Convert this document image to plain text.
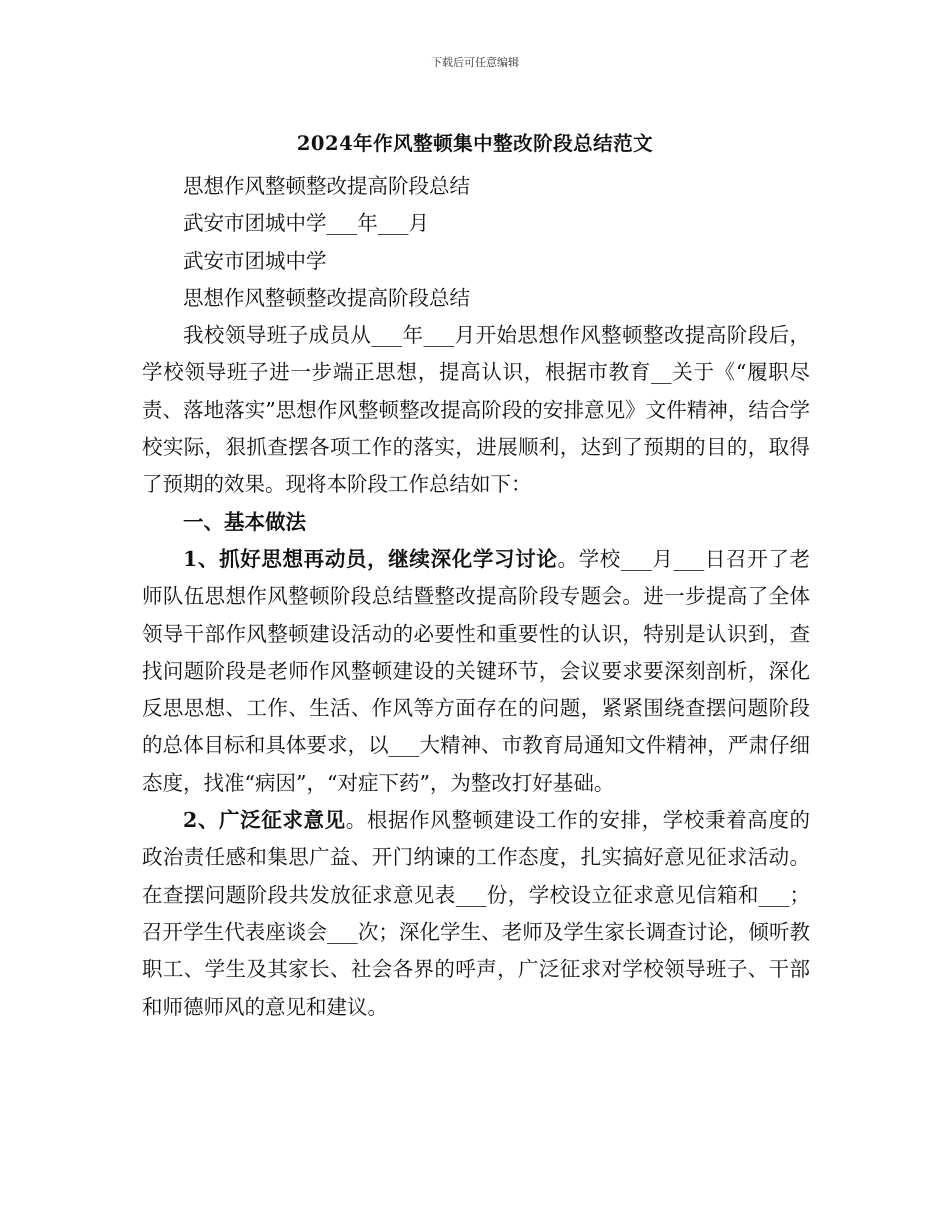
下载后可任意编辑
2024年作风整顿集中整改阶段总结范文

思想作风整顿整改提高阶段总结

武安市团城中学___年___月

武安市团城中学

思想作风整顿整改提高阶段总结

我校领导班子成员从___年___月开始思想作风整顿整改提高阶段后，学校领导班子进一步端正思想，提高认识，根据市教育__关于《“履职尽责、落地落实”思想作风整顿整改提高阶段的安排意见》文件精神，结合学校实际，狠抓查摆各项工作的落实，进展顺利，达到了预期的目的，取得了预期的效果。现将本阶段工作总结如下：

一、基本做法

1、抓好思想再动员，继续深化学习讨论。学校___月___日召开了老师队伍思想作风整顿阶段总结暨整改提高阶段专题会。进一步提高了全体领导干部作风整顿建设活动的必要性和重要性的认识，特别是认识到，查找问题阶段是老师作风整顿建设的关键环节，会议要求要深刻剖析，深化反思思想、工作、生活、作风等方面存在的问题，紧紧围绕查摆问题阶段的总体目标和具体要求，以___大精神、市教育局通知文件精神，严肃仔细态度，找准“病因”，“对症下药”，为整改打好基础。

2、广泛征求意见。根据作风整顿建设工作的安排，学校秉着高度的政治责任感和集思广益、开门纳谏的工作态度，扎实搞好意见征求活动。在查摆问题阶段共发放征求意见表___份，学校设立征求意见信箱和___；召开学生代表座谈会___次；深化学生、老师及学生家长调查讨论，倾听教职工、学生及其家长、社会各界的呼声，广泛征求对学校领导班子、干部和师德师风的意见和建议。
